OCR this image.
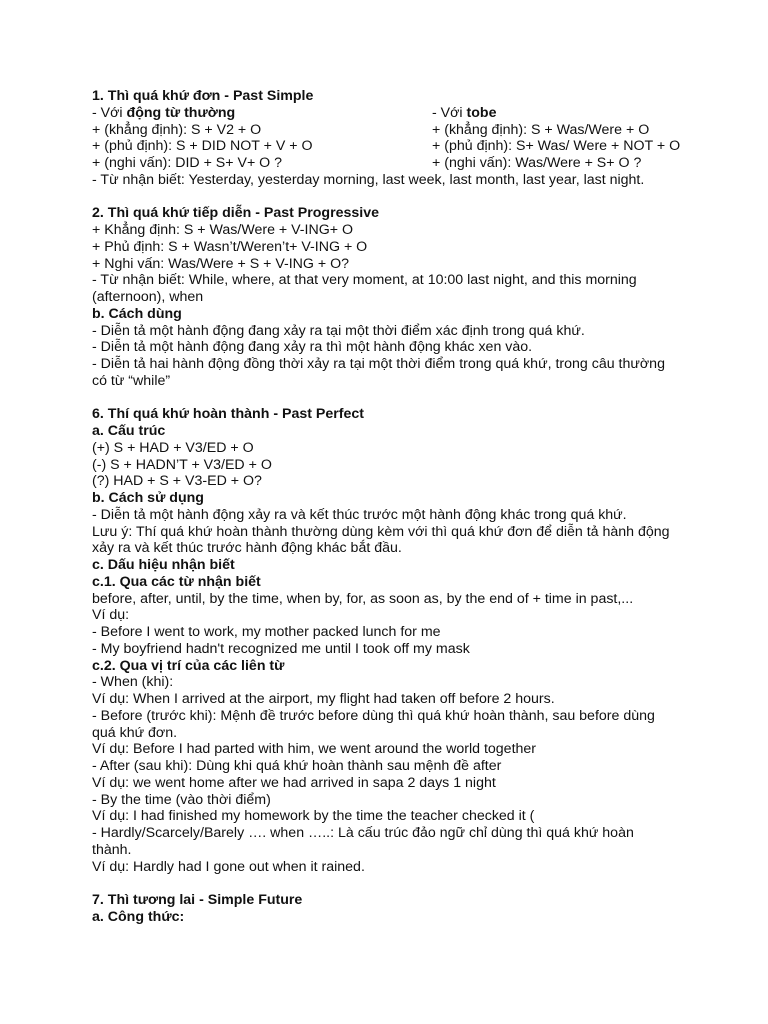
1. Thì quá khứ đơn - Past Simple
- Với động từ thường	- Với tobe
+ (khẳng định): S + V2 + O	+ (khẳng định): S + Was/Were + O
+ (phủ định): S + DID NOT + V + O	+ (phủ định): S+ Was/ Were + NOT + O
+ (nghi vấn): DID + S+ V+ O ?	+ (nghi vấn): Was/Were + S+ O ?
- Từ nhận biết: Yesterday, yesterday morning, last week, last month, last year, last night.
2. Thì quá khứ tiếp diễn - Past Progressive
+ Khẳng định: S + Was/Were + V-ING+ O
+ Phủ định: S + Wasn’t/Weren’t+ V-ING + O
+ Nghi vấn: Was/Were + S + V-ING + O?
- Từ nhận biết: While, where, at that very moment, at 10:00 last night, and this morning
(afternoon), when
b. Cách dùng
- Diễn tả một hành động đang xảy ra tại một thời điểm xác định trong quá khứ.
- Diễn tả một hành động đang xảy ra thì một hành động khác xen vào.
- Diễn tả hai hành động đồng thời xảy ra tại một thời điểm trong quá khứ, trong câu thường
có từ “while”
6. Thí quá khứ hoàn thành - Past Perfect
a. Cấu trúc
(+) S + HAD + V3/ED + O
(-) S + HADN’T + V3/ED + O
(?) HAD + S + V3-ED + O?
b. Cách sử dụng
- Diễn tả một hành động xảy ra và kết thúc trước một hành động khác trong quá khứ.
Lưu ý: Thí quá khứ hoàn thành thường dùng kèm với thì quá khứ đơn để diễn tả hành động
xảy ra và kết thúc trước hành động khác bắt đầu.
c. Dấu hiệu nhận biết
c.1. Qua các từ nhận biết
before, after, until, by the time, when by, for, as soon as, by the end of + time in past,...
Ví dụ:
- Before I went to work, my mother packed lunch for me
- My boyfriend hadn't recognized me until I took off my mask
c.2. Qua vị trí của các liên từ
- When (khi):
Ví dụ: When I arrived at the airport, my flight had taken off before 2 hours.
- Before (trước khi): Mệnh đề trước before dùng thì quá khứ hoàn thành, sau before dùng
quá khứ đơn.
Ví dụ: Before I had parted with him, we went around the world together
- After (sau khi): Dùng khi quá khứ hoàn thành sau mệnh đề after
Ví dụ: we went home after we had arrived in sapa 2 days 1 night
- By the time (vào thời điểm)
Ví dụ: I had finished my homework by the time the teacher checked it (
- Hardly/Scarcely/Barely …. when …..: Là cấu trúc đảo ngữ chỉ dùng thì quá khứ hoàn
thành.
Ví dụ: Hardly had I gone out when it rained.
7. Thì tương lai - Simple Future
a. Công thức:
